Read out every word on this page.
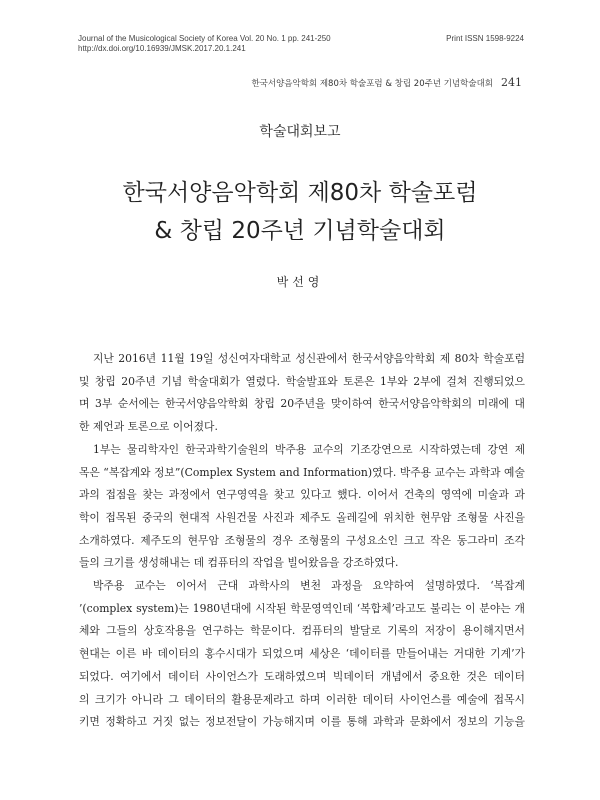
Journal of the Musicological Society of Korea Vol. 20 No. 1 pp. 241-250
http://dx.doi.org/10.16939/JMSK.2017.20.1.241
Print ISSN 1598-9224
한국서양음악학회 제80차 학술포럼 & 창립 20주년 기념학술대회 241
학술대회보고
한국서양음악학회 제80차 학술포럼
& 창립 20주년 기념학술대회
박선영
지난 2016년 11월 19일 성신여자대학교 성신관에서 한국서양음악학회 제 80차 학술포럼
및 창립 20주년 기념 학술대회가 열렸다. 학술발표와 토론은 1부와 2부에 걸쳐 진행되었으
며 3부 순서에는 한국서양음악학회 창립 20주년을 맞이하여 한국서양음악학회의 미래에 대
한 제언과 토론으로 이어졌다.
1부는 물리학자인 한국과학기술원의 박주용 교수의 기조강연으로 시작하였는데 강연 제
목은 “복잡계와 정보”(Complex System and Information)였다. 박주용 교수는 과학과 예술
과의 접점을 찾는 과정에서 연구영역을 찾고 있다고 했다. 이어서 건축의 영역에 미술과 과
학이 접목된 중국의 현대적 사원건물 사진과 제주도 올레길에 위치한 현무암 조형물 사진을
소개하였다. 제주도의 현무암 조형물의 경우 조형물의 구성요소인 크고 작은 동그라미 조각
들의 크기를 생성해내는 데 컴퓨터의 작업을 빌어왔음을 강조하였다.
박주용 교수는 이어서 근대 과학사의 변천 과정을 요약하여 설명하였다. ‘복잡계
’(complex system)는 1980년대에 시작된 학문영역인데 ‘복합체’라고도 불리는 이 분야는 개
체와 그들의 상호작용을 연구하는 학문이다. 컴퓨터의 발달로 기록의 저장이 용이해지면서
현대는 이른 바 데이터의 홍수시대가 되었으며 세상은 ‘데이터를 만들어내는 거대한 기계’가
되었다. 여기에서 데이터 사이언스가 도래하였으며 빅데이터 개념에서 중요한 것은 데이터
의 크기가 아니라 그 데이터의 활용문제라고 하며 이러한 데이터 사이언스를 예술에 접목시
키면 정확하고 거짓 없는 정보전달이 가능해지며 이를 통해 과학과 문화에서 정보의 기능을
